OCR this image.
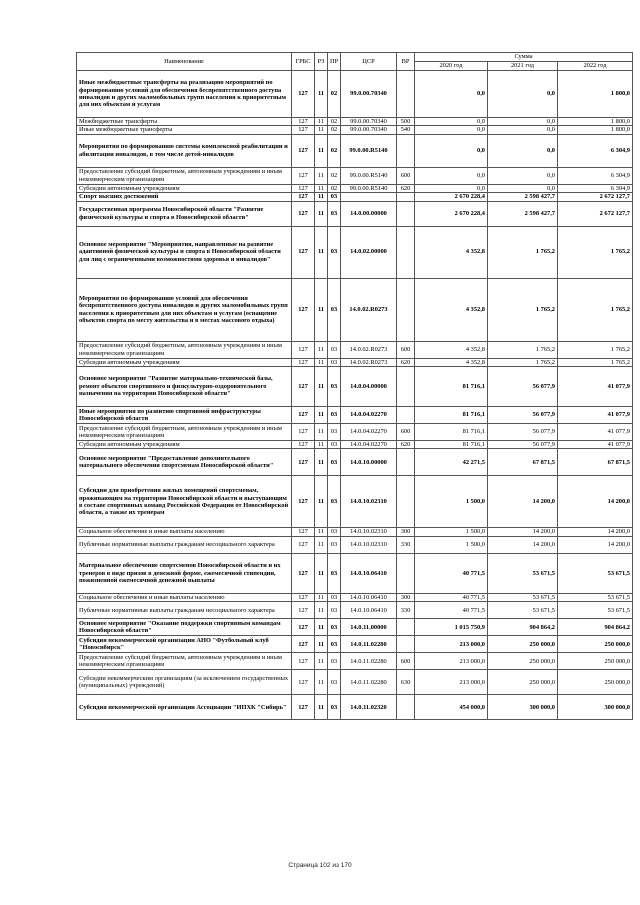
Наименование	ГРБС	РЗ	ПР	ЦСР	ВР	Сумма		
						2020 год	2021 год	2022 год
Иные межбюджетные трансферты на реализацию мероприятий по формированию условий для обеспечения беспрепятственного доступа инвалидов и других маломобильных групп населения к приоритетным для них объектам и услугам	127	11	02	99.0.00.70340		0,0	0,0	1 800,0
Межбюджетные трансферты	127	11	02	99.0.00.70340	500	0,0	0,0	1 800,0
Иные межбюджетные трансферты	127	11	02	99.0.00.70340	540	0,0	0,0	1 800,0
Мероприятия по формированию системы комплексной реабилитации и абилитации инвалидов, в том числе детей-инвалидов	127	11	02	99.0.00.R5140		0,0	0,0	6 304,9
Предоставление субсидий бюджетным, автономным учреждениям и иным некоммерческим организациям	127	11	02	99.0.00.R5140	600	0,0	0,0	6 304,9
Субсидии автономным учреждениям	127	11	02	99.0.00.R5140	620	0,0	0,0	6 304,9
Спорт высших достижений	127	11	03			2 670 228,4	2 598 427,7	2 672 127,7
Государственная программа Новосибирской области "Развитие физической культуры и спорта в Новосибирской области"	127	11	03	14.0.00.00000		2 670 228,4	2 598 427,7	2 672 127,7
Основное мероприятие "Мероприятия, направленные на развитие адаптивной физической культуры и спорта в Новосибирской области для лиц с ограниченными возможностями здоровья и инвалидов"	127	11	03	14.0.02.00000		4 352,8	1 765,2	1 765,2
Мероприятия по формированию условий для обеспечения беспрепятственного доступа инвалидов и других маломобильных групп населения к приоритетным для них объектам и услугам (оснащение объектов спорта по месту жительства и в местах массового отдыха)	127	11	03	14.0.02.R0273		4 352,8	1 765,2	1 765,2
Предоставление субсидий бюджетным, автономным учреждениям и иным некоммерческим организациям	127	11	03	14.0.02.R0273	600	4 352,8	1 765,2	1 765,2
Субсидии автономным учреждениям	127	11	03	14.0.02.R0273	620	4 352,8	1 765,2	1 765,2
Основное мероприятие "Развитие материально-технической базы, ремонт объектов спортивного и физкультурно-оздоровительного назначения на территории Новосибирской области"	127	11	03	14.0.04.00000		81 716,1	56 077,9	41 077,9
Иные мероприятия по развитию спортивной инфраструктуры Новосибирской области	127	11	03	14.0.04.02270		81 716,1	56 077,9	41 077,9
Предоставление субсидий бюджетным, автономным учреждениям и иным некоммерческим организациям	127	11	03	14.0.04.02270	600	81 716,1	56 077,9	41 077,9
Субсидии автономным учреждениям	127	11	03	14.0.04.02270	620	81 716,1	56 077,9	41 077,9
Основное мероприятие "Предоставление дополнительного материального обеспечения спортсменам Новосибирской области"	127	11	03	14.0.10.00000		42 271,5	67 871,5	67 871,5
Субсидии для приобретения жилых помещений спортсменам, проживающим на территории Новосибирской области и выступающим в составе спортивных команд Российской Федерации от Новосибирской области, а также их тренерам	127	11	03	14.0.10.02310		1 500,0	14 200,0	14 200,0
Социальное обеспечение и иные выплаты населению	127	11	03	14.0.10.02310	300	1 500,0	14 200,0	14 200,0
Публичные нормативные выплаты гражданам несоциального характера	127	11	03	14.0.10.02310	330	1 500,0	14 200,0	14 200,0
Материальное обеспечение спортсменов Новосибирской области и их тренеров в виде призов в денежной форме, ежемесячной стипендии, пожизненной ежемесячной денежной выплаты	127	11	03	14.0.10.06410		40 771,5	53 671,5	53 671,5
Социальное обеспечение и иные выплаты населению	127	11	03	14.0.10.06410	300	40 771,5	53 671,5	53 671,5
Публичные нормативные выплаты гражданам несоциального характера	127	11	03	14.0.10.06410	330	40 771,5	53 671,5	53 671,5
Основное мероприятие "Оказание поддержки спортивным командам Новосибирской области"	127	11	03	14.0.11.00000		1 015 750,9	904 864,2	904 864,2
Субсидия некоммерческой организации АНО "Футбольный клуб "Новосибирск"	127	11	03	14.0.11.02280		213 000,0	250 000,0	250 000,0
Предоставление субсидий бюджетным, автономным учреждениям и иным некоммерческим организациям	127	11	03	14.0.11.02280	600	213 000,0	250 000,0	250 000,0
Субсидии некоммерческим организациям (за исключением государственных (муниципальных) учреждений)	127	11	03	14.0.11.02280	630	213 000,0	250 000,0	250 000,0
Субсидия некоммерческой организации Ассоциации "ИПХК "Сибирь"	127	11	03	14.0.11.02320		454 000,0	300 000,0	300 000,0
Страница 102 из 170
